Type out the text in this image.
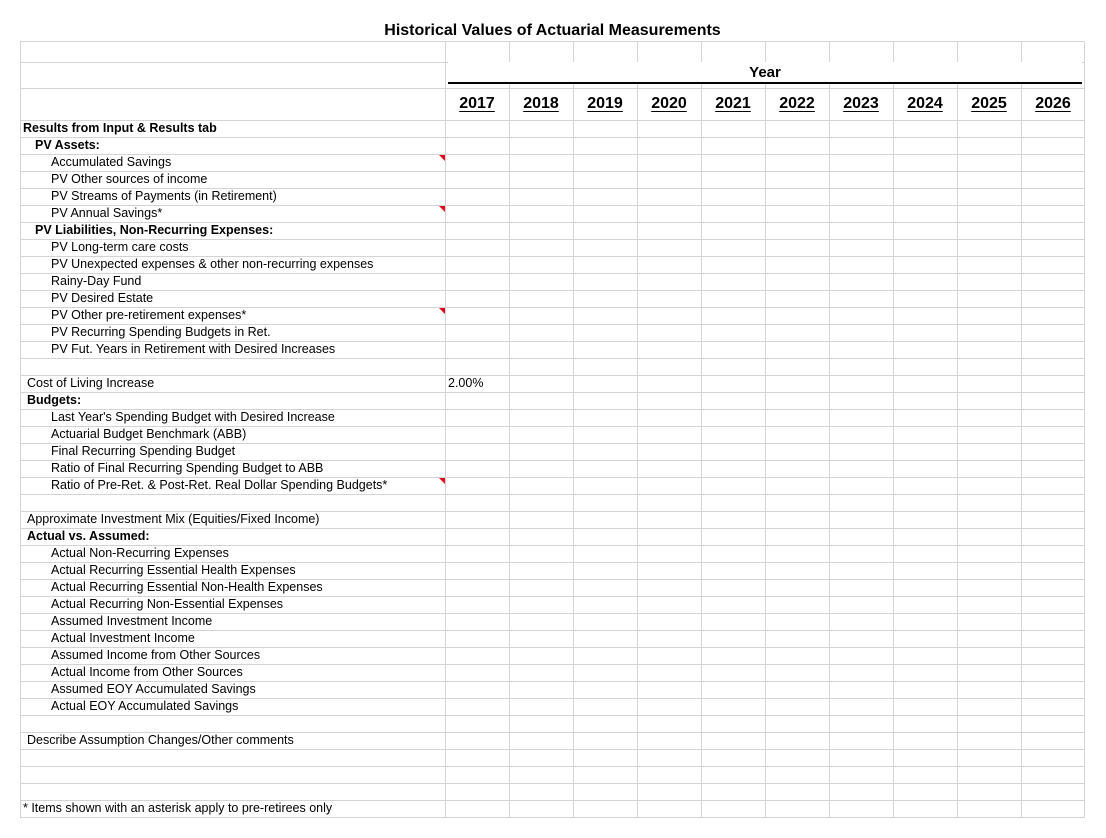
Historical Values of Actuarial Measurements
Year
2017	2018	2019	2020	2021	2022	2023	2024	2025	2026
Results from Input & Results tab
PV Assets:
Accumulated Savings
PV Other sources of income
PV Streams of Payments (in Retirement)
PV Annual Savings*
PV Liabilities, Non-Recurring Expenses:
PV Long-term care costs
PV Unexpected expenses & other non-recurring expenses
Rainy-Day Fund
PV Desired Estate
PV Other pre-retirement expenses*
PV Recurring Spending Budgets in Ret.
PV Fut. Years in Retirement with Desired Increases
Cost of Living Increase	2.00%
Budgets:
Last Year's Spending Budget with Desired Increase
Actuarial Budget Benchmark (ABB)
Final Recurring Spending Budget
Ratio of Final Recurring Spending Budget to ABB
Ratio of Pre-Ret. & Post-Ret. Real Dollar Spending Budgets*
Approximate Investment Mix (Equities/Fixed Income)
Actual vs. Assumed:
Actual Non-Recurring Expenses
Actual Recurring Essential Health Expenses
Actual Recurring Essential Non-Health Expenses
Actual Recurring Non-Essential Expenses
Assumed Investment Income
Actual Investment Income
Assumed Income from Other Sources
Actual Income from Other Sources
Assumed EOY Accumulated Savings
Actual EOY Accumulated Savings
Describe Assumption Changes/Other comments
* Items shown with an asterisk apply to pre-retirees only
